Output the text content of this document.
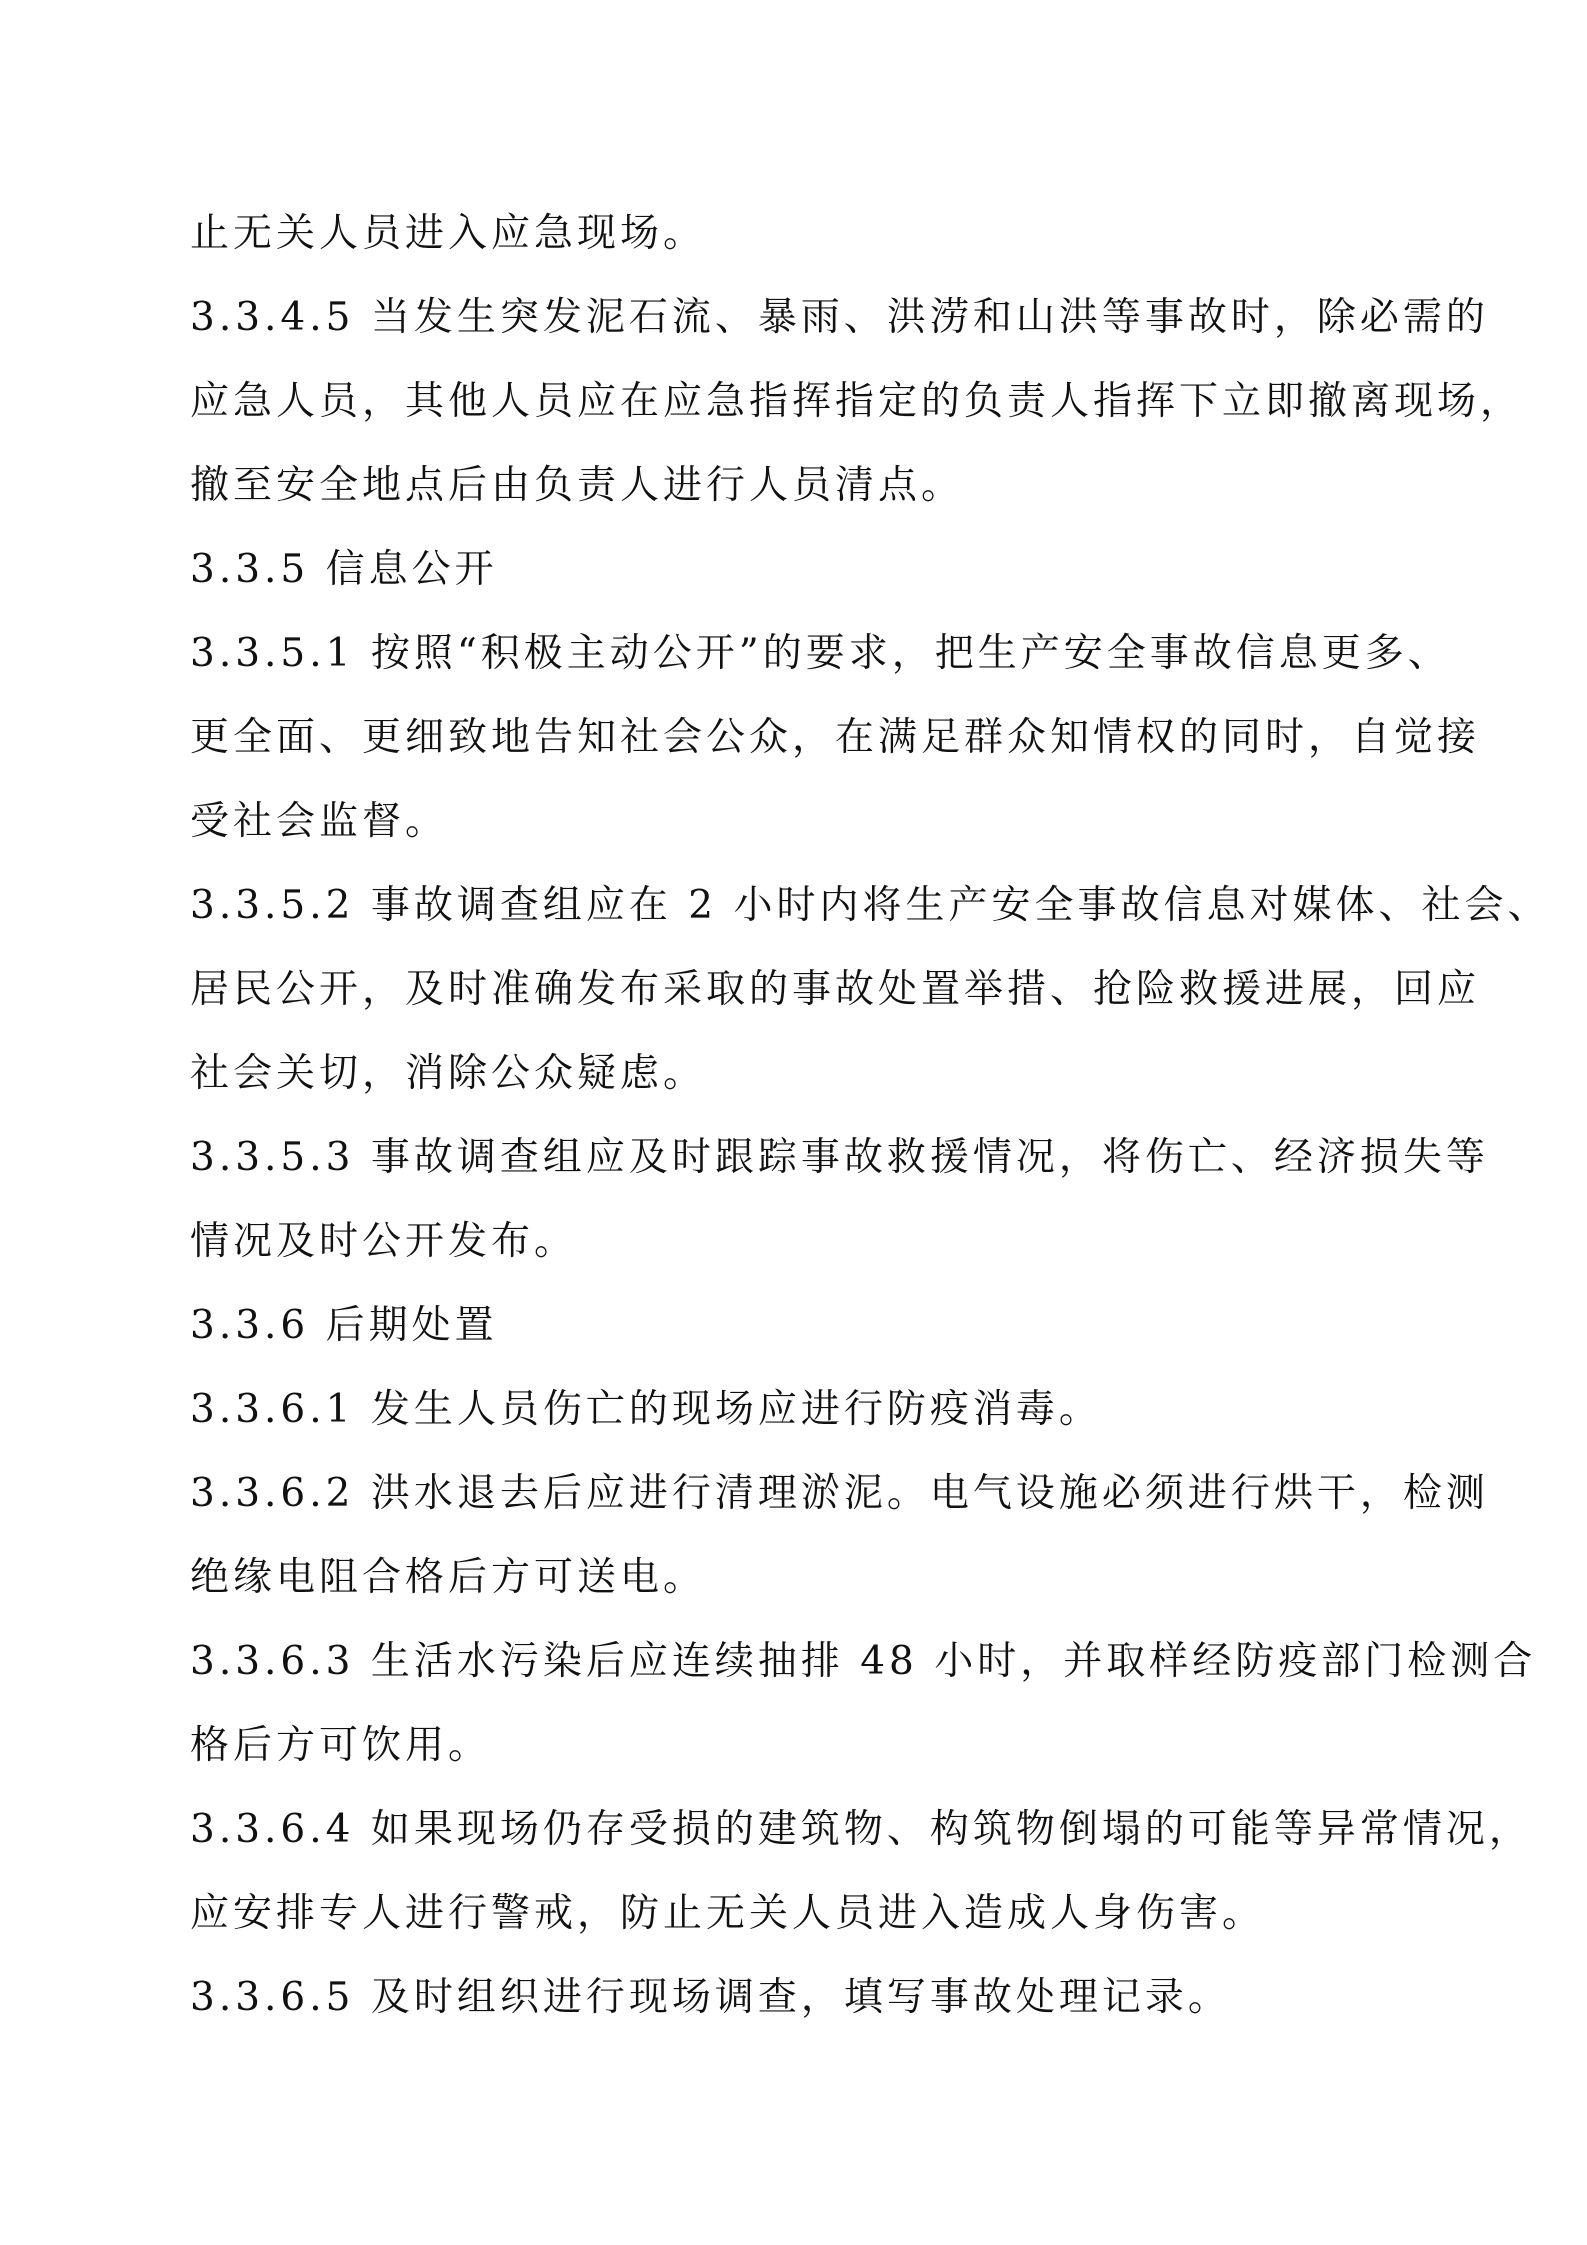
止无关人员进入应急现场。
3.3.4.5 当发生突发泥石流、暴雨、洪涝和山洪等事故时，除必需的
应急人员，其他人员应在应急指挥指定的负责人指挥下立即撤离现场，
撤至安全地点后由负责人进行人员清点。
3.3.5 信息公开
3.3.5.1 按照“积极主动公开”的要求，把生产安全事故信息更多、
更全面、更细致地告知社会公众，在满足群众知情权的同时，自觉接
受社会监督。
3.3.5.2 事故调查组应在 2 小时内将生产安全事故信息对媒体、社会、
居民公开，及时准确发布采取的事故处置举措、抢险救援进展，回应
社会关切，消除公众疑虑。
3.3.5.3 事故调查组应及时跟踪事故救援情况，将伤亡、经济损失等
情况及时公开发布。
3.3.6 后期处置
3.3.6.1 发生人员伤亡的现场应进行防疫消毒。
3.3.6.2 洪水退去后应进行清理淤泥。电气设施必须进行烘干，检测
绝缘电阻合格后方可送电。
3.3.6.3 生活水污染后应连续抽排 48 小时，并取样经防疫部门检测合
格后方可饮用。
3.3.6.4 如果现场仍存受损的建筑物、构筑物倒塌的可能等异常情况，
应安排专人进行警戒，防止无关人员进入造成人身伤害。
3.3.6.5 及时组织进行现场调查，填写事故处理记录。
